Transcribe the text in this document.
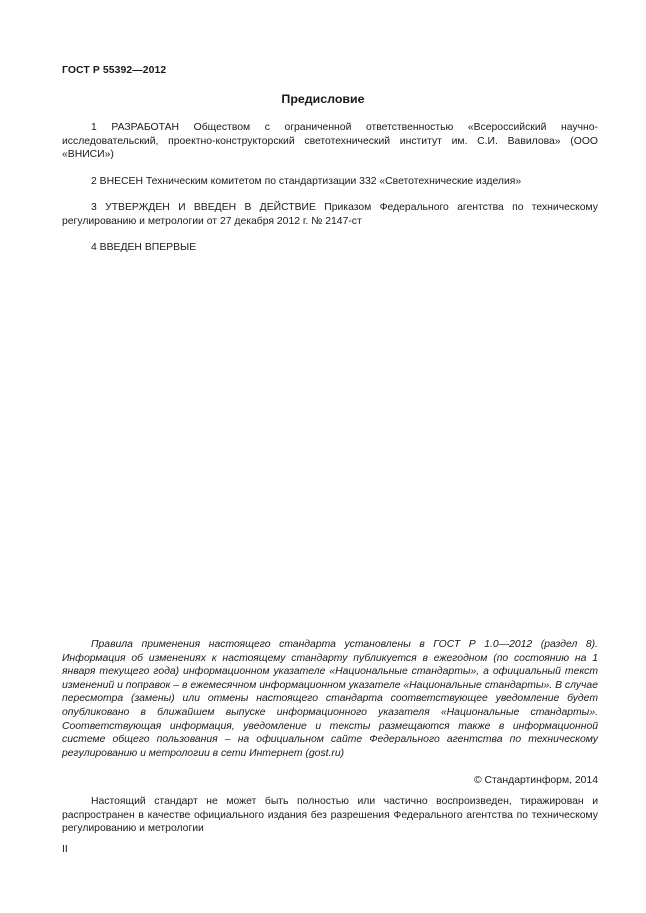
ГОСТ Р 55392—2012
Предисловие

1 РАЗРАБОТАН Обществом с ограниченной ответственностью «Всероссийский научно-исследовательский, проектно-конструкторский светотехнический институт им. С.И. Вавилова» (ООО «ВНИСИ»)

2 ВНЕСЕН Техническим комитетом по стандартизации 332 «Светотехнические изделия»

3 УТВЕРЖДЕН И ВВЕДЕН В ДЕЙСТВИЕ Приказом Федерального агентства по техническому регулированию и метрологии от 27 декабря 2012 г. № 2147-ст

4 ВВЕДЕН ВПЕРВЫЕ

Правила применения настоящего стандарта установлены в ГОСТ Р 1.0—2012 (раздел 8). Информация об изменениях к настоящему стандарту публикуется в ежегодном (по состоянию на 1 января текущего года) информационном указателе «Национальные стандарты», а официальный текст изменений и поправок – в ежемесячном информационном указателе «Национальные стандарты». В случае пересмотра (замены) или отмены настоящего стандарта соответствующее уведомление будет опубликовано в ближайшем выпуске информационного указателя «Национальные стандарты». Соответствующая информация, уведомление и тексты размещаются также в информационной системе общего пользования – на официальном сайте Федерального агентства по техническому регулированию и метрологии в сети Интернет (gost.ru)

© Стандартинформ, 2014

Настоящий стандарт не может быть полностью или частично воспроизведен, тиражирован и распространен в качестве официального издания без разрешения Федерального агентства по техническому регулированию и метрологии

II
